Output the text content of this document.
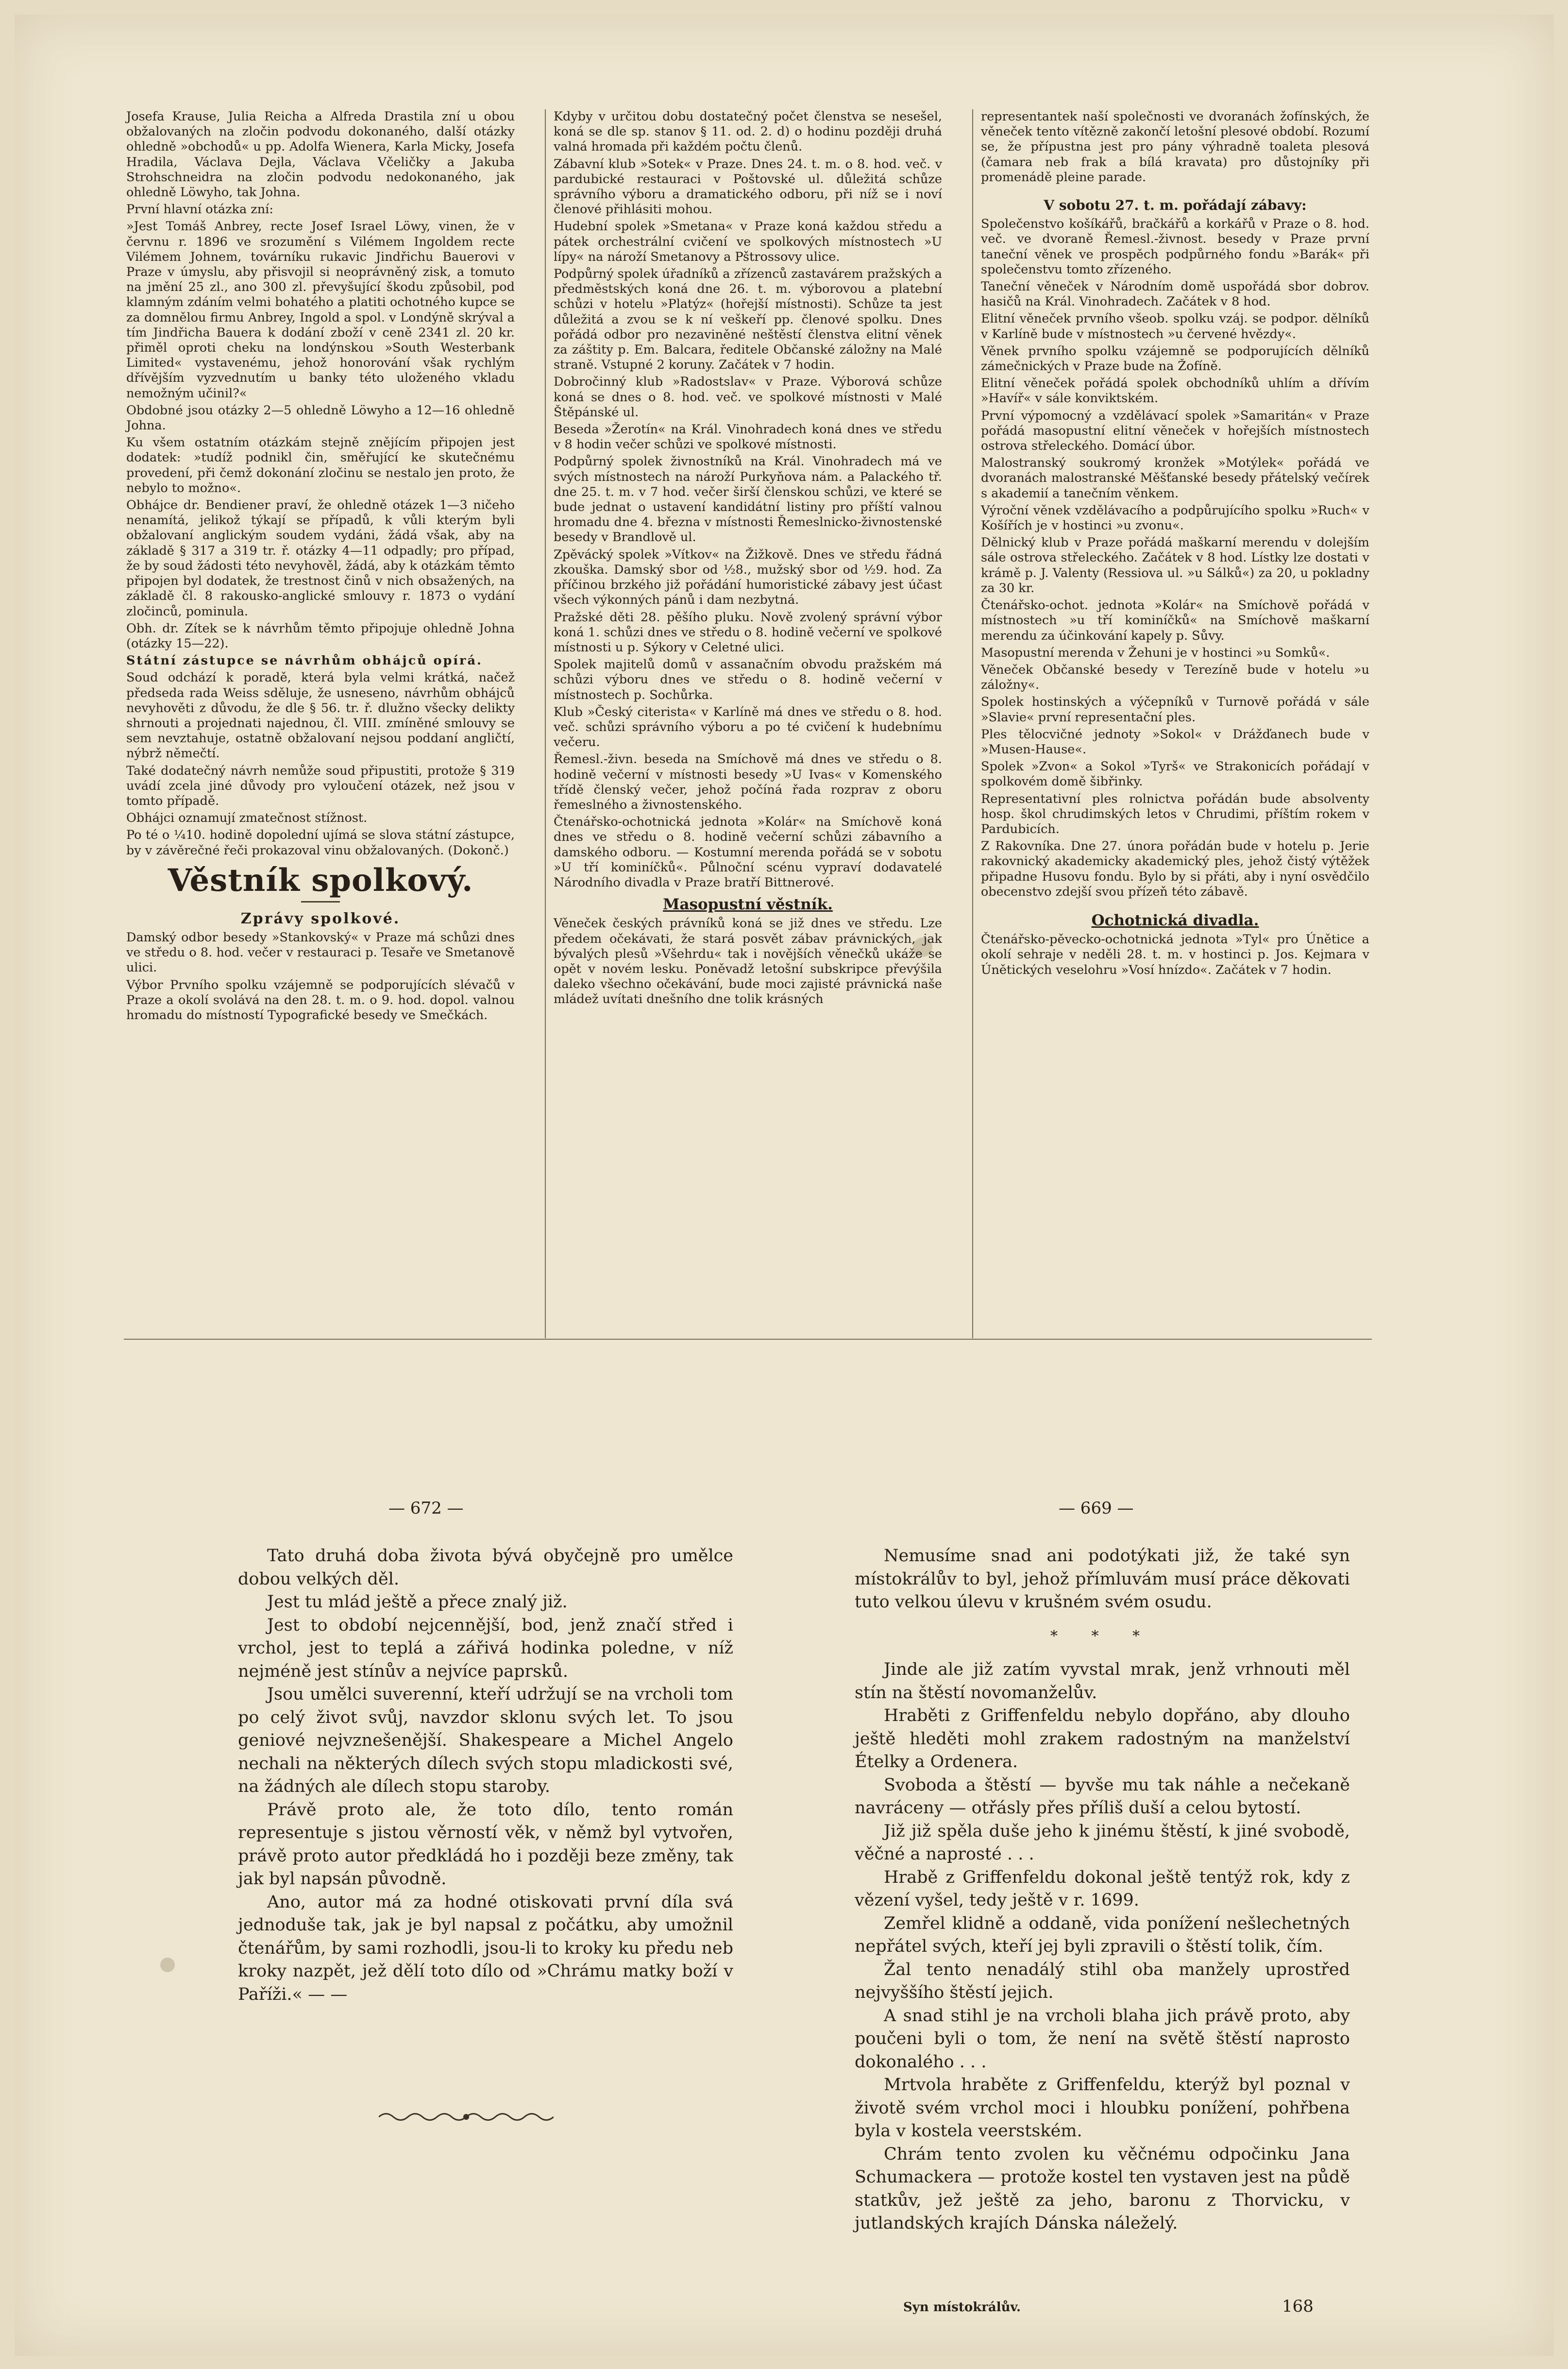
Josefa Krause, Julia Reicha a Alfreda Drastila zní u obou obžalovaných na zločin podvodu dokonaného, další otázky ohledně »obchodů« u pp. Adolfa Wienera, Karla Micky, Josefa Hradila, Václava Dejla, Václava Včeličky a Jakuba Strohschneidra na zločin podvodu nedokonaného, jak ohledně Löwyho, tak Johna.

První hlavní otázka zní:

»Jest Tomáš Anbrey, recte Josef Israel Löwy, vinen, že v červnu r. 1896 ve srozumění s Vilémem Ingoldem recte Vilémem Johnem, továrníku rukavic Jindřichu Bauerovi v Praze v úmyslu, aby přisvojil si neoprávněný zisk, a tomuto na jmění 25 zl., ano 300 zl. převyšující škodu způsobil, pod klamným zdáním velmi bohatého a platiti ochotného kupce se za domnělou firmu Anbrey, Ingold a spol. v Londýně skrýval a tím Jindřicha Bauera k dodání zboží v ceně 2341 zl. 20 kr. přiměl oproti cheku na londýnskou »South Westerbank Limited« vystavenému, jehož honorování však rychlým dřívějším vyzvednutím u banky této uloženého vkladu nemožným učinil?«

Obdobné jsou otázky 2—5 ohledně Löwyho a 12—16 ohledně Johna.

Ku všem ostatním otázkám stejně znějícím připojen jest dodatek: »tudíž podnikl čin, směřující ke skutečnému provedení, při čemž dokonání zločinu se nestalo jen proto, že nebylo to možno«.

Obhájce dr. Bendiener praví, že ohledně otázek 1—3 ničeho nenamítá, jelikož týkají se případů, k vůli kterým byli obžalovaní anglickým soudem vydáni, žádá však, aby na základě § 317 a 319 tr. ř. otázky 4—11 odpadly; pro případ, že by soud žádosti této nevyhověl, žádá, aby k otázkám těmto připojen byl dodatek, že trestnost činů v nich obsažených, na základě čl. 8 rakousko-anglické smlouvy r. 1873 o vydání zločinců, pominula.

Obh. dr. Zítek se k návrhům těmto připojuje ohledně Johna (otázky 15—22).

Státní zástupce se návrhům obhájců opírá.

Soud odchází k poradě, která byla velmi krátká, načež předseda rada Weiss sděluje, že usneseno, návrhům obhájců nevyhověti z důvodu, že dle § 56. tr. ř. dlužno všecky delikty shrnouti a projednati najednou, čl. VIII. zmíněné smlouvy se sem nevztahuje, ostatně obžalovaní nejsou poddaní angličtí, nýbrž němečtí.

Také dodatečný návrh nemůže soud připustiti, protože § 319 uvádí zcela jiné důvody pro vyloučení otázek, než jsou v tomto případě.

Obhájci oznamují zmatečnost stížnost.

Po té o ¼10. hodině dopolední ujímá se slova státní zástupce, by v závěrečné řeči prokazoval vinu obžalovaných. (Dokonč.)

Věstník spolkový.
Zprávy spolkové.

Damský odbor besedy »Stankovský« v Praze má schůzi dnes ve středu o 8. hod. večer v restauraci p. Tesaře ve Smetanově ulici.

Výbor Prvního spolku vzájemně se podporujících slévačů v Praze a okolí svolává na den 28. t. m. o 9. hod. dopol. valnou hromadu do místností Typografické besedy ve Smečkách.

Kdyby v určitou dobu dostatečný počet členstva se nesešel, koná se dle sp. stanov § 11. od. 2. d) o hodinu později druhá valná hromada při každém počtu členů.

Zábavní klub »Sotek« v Praze. Dnes 24. t. m. o 8. hod. več. v pardubické restauraci v Poštovské ul. důležitá schůze správního výboru a dramatického odboru, při níž se i noví členové přihlásiti mohou.

Hudební spolek »Smetana« v Praze koná každou středu a pátek orchestrální cvičení ve spolkových místnostech »U lípy« na nároží Smetanovy a Pštrossovy ulice.

Podpůrný spolek úřadníků a zřízenců zastavárem pražských a předměstských koná dne 26. t. m. výborovou a platební schůzi v hotelu »Platýz« (hořejší místnosti). Schůze ta jest důležitá a zvou se k ní veškeří pp. členové spolku. Dnes pořádá odbor pro nezaviněné neštěstí členstva elitní věnek za záštity p. Em. Balcara, ředitele Občanské záložny na Malé straně. Vstupné 2 koruny. Začátek v 7 hodin.

Dobročinný klub »Radostslav« v Praze. Výborová schůze koná se dnes o 8. hod. več. ve spolkové místnosti v Malé Štěpánské ul.

Beseda »Žerotín« na Král. Vinohradech koná dnes ve středu v 8 hodin večer schůzi ve spolkové místnosti.

Podpůrný spolek živnostníků na Král. Vinohradech má ve svých místnostech na nároží Purkyňova nám. a Palackého tř. dne 25. t. m. v 7 hod. večer širší členskou schůzi, ve které se bude jednat o ustavení kandidátní listiny pro příští valnou hromadu dne 4. března v místnosti Řemeslnicko-živnostenské besedy v Brandlově ul.

Zpěvácký spolek »Vítkov« na Žižkově. Dnes ve středu řádná zkouška. Damský sbor od ½8., mužský sbor od ½9. hod. Za příčinou brzkého již pořádání humoristické zábavy jest účast všech výkonných pánů i dam nezbytná.

Pražské děti 28. pěšího pluku. Nově zvolený správní výbor koná 1. schůzi dnes ve středu o 8. hodině večerní ve spolkové místnosti u p. Sýkory v Celetné ulici.

Spolek majitelů domů v assanačním obvodu pražském má schůzi výboru dnes ve středu o 8. hodině večerní v místnostech p. Sochůrka.

Klub »Český citerista« v Karlíně má dnes ve středu o 8. hod. več. schůzi správního výboru a po té cvičení k hudebnímu večeru.

Řemesl.-živn. beseda na Smíchově má dnes ve středu o 8. hodině večerní v místnosti besedy »U Ivas« v Komenského třídě členský večer, jehož počíná řada rozprav z oboru řemeslného a živnostenského.

Čtenářsko-ochotnická jednota »Kolár« na Smíchově koná dnes ve středu o 8. hodině večerní schůzi zábavního a damského odboru. — Kostumní merenda pořádá se v sobotu »U tří kominíčků«. Půlnoční scénu vypraví dodavatelé Národního divadla v Praze bratří Bittnerové.

Masopustní věstník.

Věneček českých právníků koná se již dnes ve středu. Lze předem očekávati, že stará posvět zábav právnických, jak bývalých plesů »Všehrdu« tak i novějších věnečků ukáže se opět v novém lesku. Poněvadž letošní subskripce převýšila daleko všechno očekávání, bude moci zajisté právnická naše mládež uvítati dnešního dne tolik krásných

representantek naší společnosti ve dvoranách žofínských, že věneček tento vítězně zakončí letošní plesové období. Rozumí se, že přípustna jest pro pány výhradně toaleta plesová (čamara neb frak a bílá kravata) pro důstojníky při promenádě pleine parade.

V sobotu 27. t. m. pořádají zábavy:

Společenstvo košíkářů, bračkářů a korkářů v Praze o 8. hod. več. ve dvoraně Řemesl.-živnost. besedy v Praze první taneční věnek ve prospěch podpůrného fondu »Barák« při společenstvu tomto zřízeného.

Taneční věneček v Národním domě uspořádá sbor dobrov. hasičů na Král. Vinohradech. Začátek v 8 hod.

Elitní věneček prvního všeob. spolku vzáj. se podpor. dělníků v Karlíně bude v místnostech »u červené hvězdy«.

Věnek prvního spolku vzájemně se podporujících dělníků zámečnických v Praze bude na Žofíně.

Elitní věneček pořádá spolek obchodníků uhlím a dřívím »Havíř« v sále konviktském.

První výpomocný a vzdělávací spolek »Samaritán« v Praze pořádá masopustní elitní věneček v hořejších místnostech ostrova střeleckého. Domácí úbor.

Malostranský soukromý kronžek »Motýlek« pořádá ve dvoranách malostranské Měšťanské besedy přátelský večírek s akademií a tanečním věnkem.

Výroční věnek vzdělávacího a podpůrujícího spolku »Ruch« v Košířích je v hostinci »u zvonu«.

Dělnický klub v Praze pořádá maškarní merendu v dolejším sále ostrova střeleckého. Začátek v 8 hod. Lístky lze dostati v krámě p. J. Valenty (Ressiova ul. »u Sálků«) za 20, u pokladny za 30 kr.

Čtenářsko-ochot. jednota »Kolár« na Smíchově pořádá v místnostech »u tří kominíčků« na Smíchově maškarní merendu za účinkování kapely p. Sůvy.

Masopustní merenda v Žehuni je v hostinci »u Somků«.

Věneček Občanské besedy v Terezíně bude v hotelu »u záložny«.

Spolek hostinských a výčepníků v Turnově pořádá v sále »Slavie« první representační ples.

Ples tělocvičné jednoty »Sokol« v Drážďanech bude v »Musen-Hause«.

Spolek »Zvon« a Sokol »Tyrš« ve Strakonicích pořádají v spolkovém domě šibřinky.

Representativní ples rolnictva pořádán bude absolventy hosp. škol chrudimských letos v Chrudimi, příštím rokem v Pardubicích.

Z Rakovníka. Dne 27. února pořádán bude v hotelu p. Jerie rakovnický akademicky akademický ples, jehož čistý výtěžek připadne Husovu fondu. Bylo by si přáti, aby i nyní osvědčilo obecenstvo zdejší svou přízeň této zábavě.

Ochotnická divadla.

Čtenářsko-pěvecko-ochotnická jednota »Tyl« pro Únětice a okolí sehraje v neděli 28. t. m. v hostinci p. Jos. Kejmara v Únětických veselohru »Vosí hnízdo«. Začátek v 7 hodin.

— 672 —	— 669 —

Tato druhá doba života bývá obyčejně pro umělce dobou velkých děl.

Jest tu mlád ještě a přece znalý již.

Jest to období nejcennější, bod, jenž značí střed i vrchol, jest to teplá a zářivá hodinka poledne, v níž nejméně jest stínův a nejvíce paprsků.

Jsou umělci suverenní, kteří udržují se na vrcholi tom po celý život svůj, navzdor sklonu svých let. To jsou geniové nejvznešenější. Shakespeare a Michel Angelo nechali na některých dílech svých stopu mladickosti své, na žádných ale dílech stopu staroby.

Právě proto ale, že toto dílo, tento román representuje s jistou věrností věk, v němž byl vytvořen, právě proto autor předkládá ho i později beze změny, tak jak byl napsán původně.

Ano, autor má za hodné otiskovati první díla svá jednoduše tak, jak je byl napsal z počátku, aby umožnil čtenářům, by sami rozhodli, jsou-li to kroky ku předu neb kroky nazpět, jež dělí toto dílo od »Chrámu matky boží v Paříži.« — —

Nemusíme snad ani podotýkati již, že také syn místokrálův to byl, jehož přímluvám musí práce děkovati tuto velkou úlevu v krušném svém osudu.

* * *

Jinde ale již zatím vyvstal mrak, jenž vrhnouti měl stín na štěstí novomanželův.

Hraběti z Griffenfeldu nebylo dopřáno, aby dlouho ještě hleděti mohl zrakem radostným na manželství Ételky a Ordenera.

Svoboda a štěstí — byvše mu tak náhle a nečekaně navráceny — otřásly přes příliš duší a celou bytostí.

Již již spěla duše jeho k jinému štěstí, k jiné svobodě, věčné a naprosté . . .

Hrabě z Griffenfeldu dokonal ještě tentýž rok, kdy z vězení vyšel, tedy ještě v r. 1699.

Zemřel klidně a oddaně, vida ponížení nešlechetných nepřátel svých, kteří jej byli zpravili o štěstí tolik, čím.

Žal tento nenadálý stihl oba manžely uprostřed nejvyššího štěstí jejich.

A snad stihl je na vrcholi blaha jich právě proto, aby poučeni byli o tom, že není na světě štěstí naprosto dokonalého . . .

Mrtvola hraběte z Griffenfeldu, kterýž byl poznal v životě svém vrchol moci i hloubku ponížení, pohřbena byla v kostela veerstském.

Chrám tento zvolen ku věčnému odpočinku Jana Schumackera — protože kostel ten vystaven jest na půdě statkův, jež ještě za jeho, baronu z Thorvicku, v jutlandských krajích Dánska náleželý.

Syn místokrálův.	168
